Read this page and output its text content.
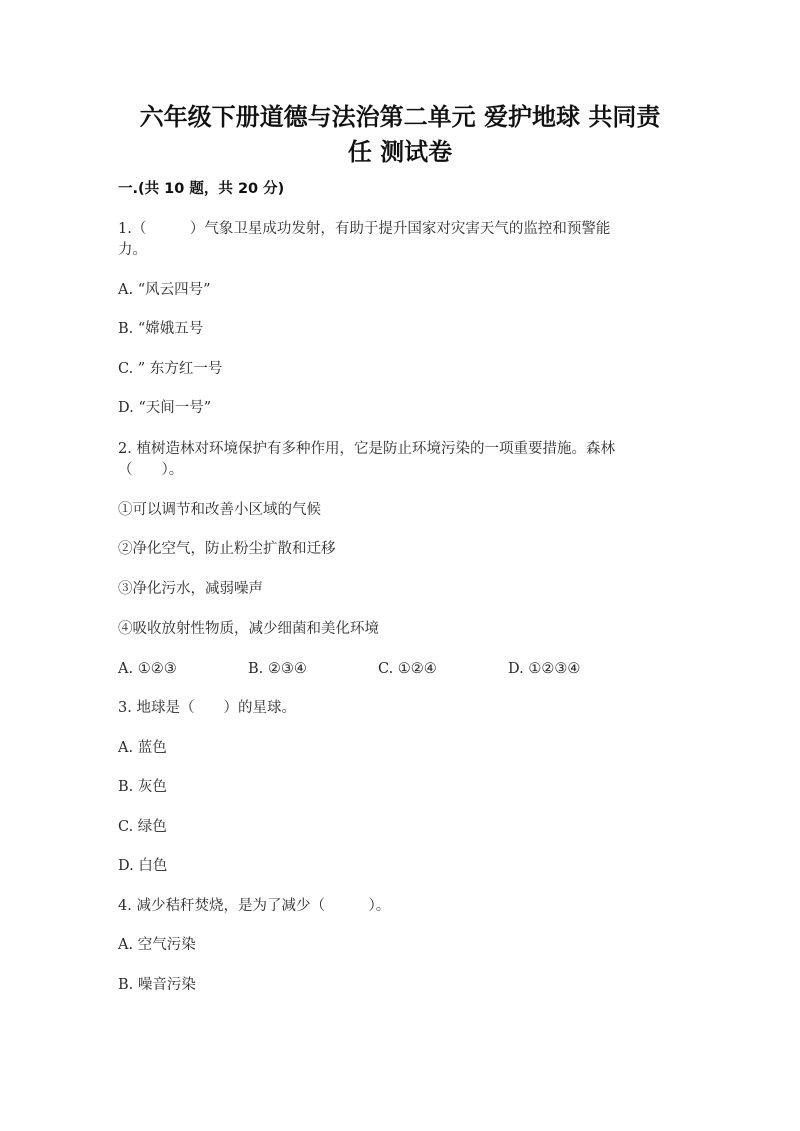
六年级下册道德与法治第二单元 爱护地球 共同责
任 测试卷
一.(共 10 题，共 20 分)
1.（　　　）气象卫星成功发射，有助于提升国家对灾害天气的监控和预警能
力。
A. “风云四号”
B. “嫦娥五号
C. ” 东方红一号
D. “天间一号”
2. 植树造林对环境保护有多种作用，它是防止环境污染的一项重要措施。森林
（　　）。
①可以调节和改善小区域的气候
②净化空气，防止粉尘扩散和迁移
③净化污水，减弱噪声
④吸收放射性物质，减少细菌和美化环境
A. ①②③	B. ②③④	C. ①②④	D. ①②③④
3. 地球是（　　）的星球。
A. 蓝色
B. 灰色
C. 绿色
D. 白色
4. 减少秸秆焚烧，是为了减少（　　　）。
A. 空气污染
B. 噪音污染
